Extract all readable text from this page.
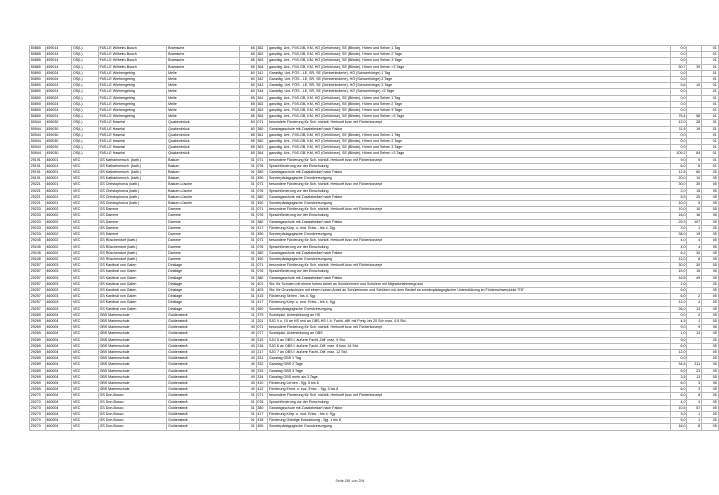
50865	459014	OS(L)	FöS-LE Wilhelm-Busch	Bramsche	65	362	ganztäg. Unt., FöS-GB, KM, HÖ (Gehörlose), SE (Blinde), Hören und Sehen 1 Tag	0,0		01
50865	459014	OS(L)	FöS-LE Wilhelm-Busch	Bramsche	65	362	ganztäg. Unt., FöS-GB, KM, HÖ (Gehörlose), SE (Blinde), Hören und Sehen 2 Tage	0,0		01
50865	459014	OS(L)	FöS-LE Wilhelm-Busch	Bramsche	65	363	ganztäg. Unt., FöS-GB, KM, HÖ (Gehörlose), SE (Blinde), Hören und Sehen 3 Tage	0,0		01
50865	459014	OS(L)	FöS-LE Wilhelm-Busch	Bramsche	65	364	ganztäg. Unt., FöS-GB, KM, HÖ (Gehörlose), SE (Blinde), Hören und Sehen >3 Tage	50,7	39	01
50890	459024	OS(L)	FöS-LE Wiehengebirg	Melle	60	341	Ganztäg. Unt. FÖS - LE, SR, SE (Sehbehinderte), HÖ (Schwerhörige) 1 Tag	0,0		01
50890	459024	OS(L)	FöS-LE Wiehengebirg	Melle	60	342	Ganztäg. Unt. FÖS - LE, SR, SE (Sehbehinderte), HÖ (Schwerhörige) 2 Tage	0,0		01
50890	459024	OS(L)	FöS-LE Wiehengebirg	Melle	60	343	Ganztäg. Unt. FÖS - LE, SR, SE (Sehbehinderte), HÖ (Schwerhörige) 3 Tage	5,6	10	01
50890	459024	OS(L)	FöS-LE Wiehengebirg	Melle	60	344	Ganztäg. Unt. FÖS - LE, SR, SE (Sehbehinderte), HÖ (Schwerhörige) >3 Tage	0,0		01
50890	459024	OS(L)	FöS-LE Wiehengebirg	Melle	65	361	ganztäg. Unt., FöS-GB, KM, HÖ (Gehörlose), SE (Blinde), Hören und Sehen 1 Tag	0,0		01
50890	459024	OS(L)	FöS-LE Wiehengebirg	Melle	65	362	ganztäg. Unt., FöS-GB, KM, HÖ (Gehörlose), SE (Blinde), Hören und Sehen 2 Tage	0,0		01
50890	459024	OS(L)	FöS-LE Wiehengebirg	Melle	65	363	ganztäg. Unt., FöS-GB, KM, HÖ (Gehörlose), SE (Blinde), Hören und Sehen 3 Tage	0,0		01
50890	459024	OS(L)	FöS-LE Wiehengebirg	Melle	65	364	ganztäg. Unt., FöS-GB, KM, HÖ (Gehörlose), SE (Blinde), Hören und Sehen >3 Tage	75,4	58	01
50944	459030	OS(L)	FöS-LE Haselal	Quakenbrück	60	071	besondere Förderung für Sch. nichtdt. Herkunft bzw. mit Förderkonzept	12,0	28	01
50944	459030	OS(L)	FöS-LE Haselal	Quakenbrück	60	380	Ganztagsschule mit Zusatzbedarf nach Faktor	11,6	19	01
50944	459030	OS(L)	FöS-LE Haselal	Quakenbrück	65	361	ganztäg. Unt., FöS-GB, KM, HÖ (Gehörlose), SE (Blinde), Hören und Sehen 1 Tag	0,0		01
50944	459030	OS(L)	FöS-LE Haselal	Quakenbrück	65	362	ganztäg. Unt., FöS-GB, KM, HÖ (Gehörlose), SE (Blinde), Hören und Sehen 2 Tage	0,0		01
50944	459030	OS(L)	FöS-LE Haselal	Quakenbrück	65	363	ganztäg. Unt., FöS-GB, KM, HÖ (Gehörlose), SE (Blinde), Hören und Sehen 3 Tage	0,0		01
50944	459030	OS(L)	FöS-LE Haselal	Quakenbrück	65	364	ganztäg. Unt., FöS-GB, KM, HÖ (Gehörlose), SE (Blinde), Hören und Sehen >3 Tage	109,2	84	01
29191	460001	VEC	GS Katharinensch. (kath.)	Bakum	01	071	besondere Förderung für Sch. nichtdt. Herkunft bzw. mit Förderkonzept	9,0	9	01
29191	460001	VEC	GS Katharinensch. (kath.)	Bakum	01	076	Sprachförderung vor der Einschulung	6,0	6	01
29191	460001	VEC	GS Katharinensch. (kath.)	Bakum	01	380	Ganztagsschule mit Zusatzbedarf nach Faktor	12,5	60	05
29191	460001	VEC	GS Katharinensch. (kath.)	Bakum	01	450	Sonderpädagogische Grundversorgung	20,0	10	05
29221	460001	VEC	GS Christophorus (kath.)	Bakum-Lüsche	01	071	besondere Förderung für Sch. nichtdt. Herkunft bzw. mit Förderkonzept	30,0	30	05
29221	460001	VEC	GS Christophorus (kath.)	Bakum-Lüsche	01	076	Sprachförderung vor der Einschulung	2,0	15	05
29221	460001	VEC	GS Christophorus (kath.)	Bakum-Lüsche	01	380	Ganztagsschule mit Zusatzbedarf nach Faktor	5,5	25	05
29221	460001	VEC	GS Christophorus (kath.)	Bakum-Lüsche	01	450	Sonderpädagogische Grundversorgung	10,0	5	05
29233	460002	VEC	GS Damme	Damme	01	071	besondere Förderung für Sch. nichtdt. Herkunft bzw. mit Förderkonzept	10,0	10	05
29233	460002	VEC	GS Damme	Damme	01	076	Sprachförderung vor der Einschulung	16,0	16	05
29233	460002	VEC	GS Damme	Damme	01	380	Ganztagsschule mit Zusatzbedarf nach Faktor	29,3	107	05
29233	460002	VEC	GS Damme	Damme	01	417	Förderung Körp. u. mot. Entw. - bis 4. Sjg.	3,0	1	05
29233	460002	VEC	GS Damme	Damme	01	450	Sonderpädagogische Grundversorgung	38,0	19	05
29245	460002	VEC	GS Rüschendorf (kath.)	Damme	01	071	besondere Förderung für Sch. nichtdt. Herkunft bzw. mit Förderkonzept	4,0	4	05
29245	460002	VEC	GS Rüschendorf (kath.)	Damme	01	076	Sprachförderung vor der Einschulung	4,0	4	05
29245	460002	VEC	GS Rüschendorf (kath.)	Damme	01	380	Ganztagsschule mit Zusatzbedarf nach Faktor	6,2	30	05
29245	460002	VEC	GS Rüschendorf (kath.)	Damme	01	450	Sonderpädagogische Grundversorgung	12,0	6	05
29257	460003	VEC	GS Kardinal von Galen	Dinklage	01	071	besondere Förderung für Sch. nichtdt. Herkunft bzw. mit Förderkonzept	30,0	30	05
29257	460003	VEC	GS Kardinal von Galen	Dinklage	01	076	Sprachförderung vor der Einschulung	15,0	15	05
29257	460003	VEC	GS Kardinal von Galen	Dinklage	01	380	Ganztagsschule mit Zusatzbedarf nach Faktor	16,6	49	05
29257	460003	VEC	GS Kardinal von Galen	Dinklage	01	401	Std. für Schulen mit einem hohen Anteil an Schülerinnen und Schülern mit Migrationshintergrund	2,0		05
29257	460003	VEC	GS Kardinal von Galen	Dinklage	01	403	Std. für Grundschulen mit einem hohen Anteil an Schülerinnen und Schülern mit dem Bedarf an sonderpädagogischer Unterstützung im Förderschwerpunkt "ES"	6,0		05
29257	460003	VEC	GS Kardinal von Galen	Dinklage	01	415	Förderung Sehen - bis 4. Sjg.	6,0	2	05
29257	460003	VEC	GS Kardinal von Galen	Dinklage	01	417	Förderung Körp. u. mot. Entw. - bis 4. Sjg.	12,0	4	05
29257	460003	VEC	GS Kardinal von Galen	Dinklage	01	450	Sonderpädagogische Grundversorgung	26,0	13	05
29269	460004	VEC	OBS Marienschule	Goldenstedt	11	379	Sozialpäd. Unterstützung an HS	0,0	2	05
29269	460004	VEC	OBS Marienschule	Goldenstedt	11	201	SJG 9 u. 10 an HS und an OBS-HS f. â. Facht.-diff. mit Freig. bis 20 Sch max. 4,5 Std.	4,5	1	05
29269	460004	VEC	OBS Marienschule	Goldenstedt	40	071	besondere Förderung für Sch. nichtdt. Herkunft bzw. mit Förderkonzept	9,0	9	05
29269	460004	VEC	OBS Marienschule	Goldenstedt	40	077	Sozialpäd. Unterstützung an OBS	1,0	13	05
29269	460004	VEC	OBS Marienschule	Goldenstedt	40	215	SJG 5 an OBS f. äußere Facht.-Diff. max. 9 Std.	9,0		05
29269	460004	VEC	OBS Marienschule	Goldenstedt	40	216	SJG 6 an OBS f. äußere Facht.-Diff. max. 6 bzw. 16 Std.	6,0		05
29269	460004	VEC	OBS Marienschule	Goldenstedt	40	217	SJG 7 an OBS f. äußere Facht.-Diff. max. 12 Std.	12,0		05
29269	460004	VEC	OBS Marienschule	Goldenstedt	40	331	Ganztag OBS 1 Tag	0,0		05
29269	460004	VEC	OBS Marienschule	Goldenstedt	40	332	Ganztag OBS 2 Tage	34,6	211	05
29269	460004	VEC	OBS Marienschule	Goldenstedt	40	333	Ganztag OBS 3 Tage	6,0	23	05
29269	460004	VEC	OBS Marienschule	Goldenstedt	40	334	Ganztag OBS mehr als 3 Tage	3,5	11	05
29269	460004	VEC	OBS Marienschule	Goldenstedt	40	410	Förderung Lernen - Sjg. 5 bis 8	6,0	3	05
29269	460004	VEC	OBS Marienschule	Goldenstedt	40	412	Förderung Emot. u. soz. Entw. - Sjg. 5 bis 8	6,0	3	05
29270	460004	VEC	GS Don-Bosco	Goldenstedt	01	071	besondere Förderung für Sch. nichtdt. Herkunft bzw. mit Förderkonzept	6,0	6	05
29270	460004	VEC	GS Don-Bosco	Goldenstedt	01	076	Sprachförderung vor der Einschulung	4,0	4	05
29270	460004	VEC	GS Don-Bosco	Goldenstedt	01	380	Ganztagsschule mit Zusatzbedarf nach Faktor	10,5	57	05
29270	460004	VEC	GS Don-Bosco	Goldenstedt	01	417	Förderung Körp. u. mot. Entw. - bis 4. Sjg.	3,0	1	05
29270	460004	VEC	GS Don-Bosco	Goldenstedt	01	418	Förderung Geistige Entwicklung - Sjg. 1 bis 8	5,0	1	05
29270	460004	VEC	GS Don-Bosco	Goldenstedt	01	450	Sonderpädagogische Grundversorgung	16,0	8	05
Seite 281 von 294
